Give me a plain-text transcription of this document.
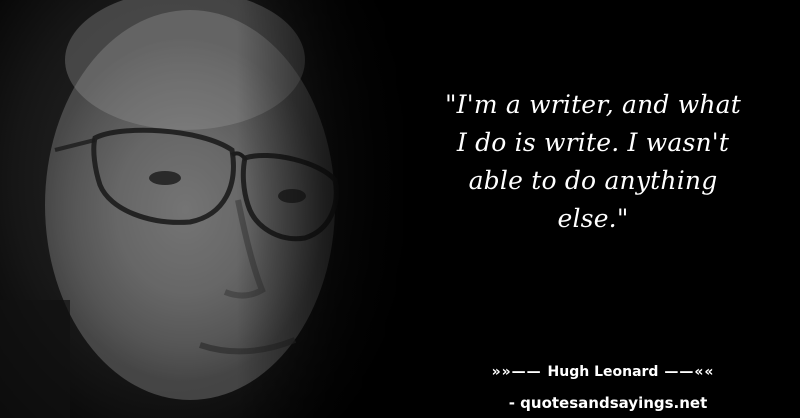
"I'm a writer, and what I do is write. I wasn't able to do anything else."

»»—— Hugh Leonard ——««
- quotesandsayings.net
